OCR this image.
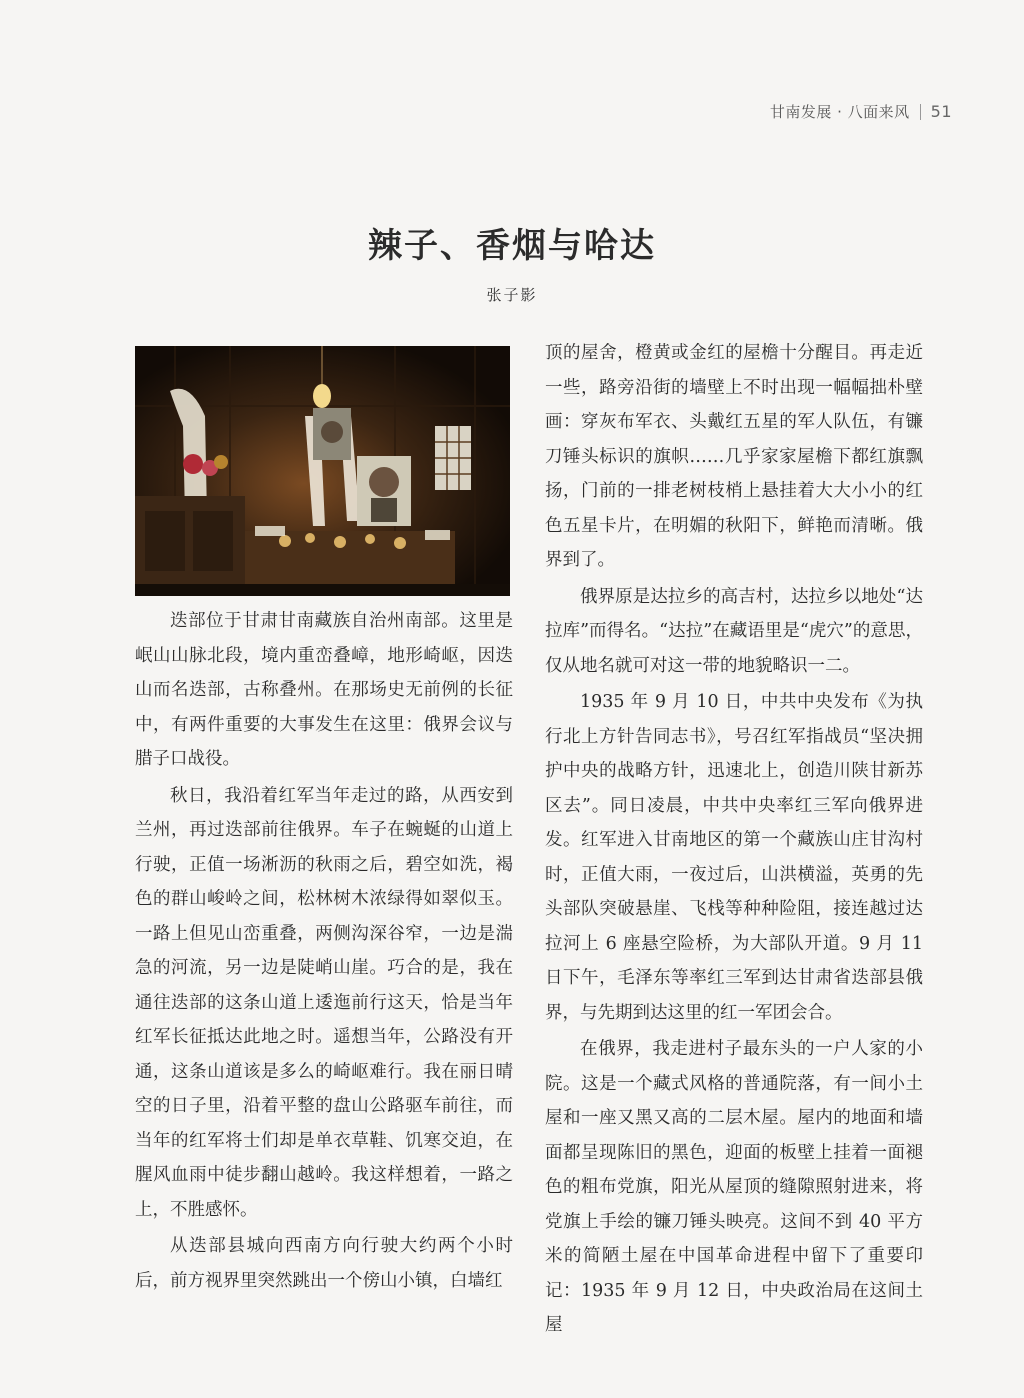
甘南发展 · 八面来风 51
辣子、香烟与哈达
张子影

迭部位于甘肃甘南藏族自治州南部。这里是岷山山脉北段，境内重峦叠嶂，地形崎岖，因迭山而名迭部，古称叠州。在那场史无前例的长征中，有两件重要的大事发生在这里：俄界会议与腊子口战役。

秋日，我沿着红军当年走过的路，从西安到兰州，再过迭部前往俄界。车子在蜿蜒的山道上行驶，正值一场淅沥的秋雨之后，碧空如洗，褐色的群山峻岭之间，松林树木浓绿得如翠似玉。一路上但见山峦重叠，两侧沟深谷窄，一边是湍急的河流，另一边是陡峭山崖。巧合的是，我在通往迭部的这条山道上逶迤前行这天，恰是当年红军长征抵达此地之时。遥想当年，公路没有开通，这条山道该是多么的崎岖难行。我在丽日晴空的日子里，沿着平整的盘山公路驱车前往，而当年的红军将士们却是单衣草鞋、饥寒交迫，在腥风血雨中徒步翻山越岭。我这样想着，一路之上，不胜感怀。

从迭部县城向西南方向行驶大约两个小时后，前方视界里突然跳出一个傍山小镇，白墙红

顶的屋舍，橙黄或金红的屋檐十分醒目。再走近一些，路旁沿街的墙壁上不时出现一幅幅拙朴壁画：穿灰布军衣、头戴红五星的军人队伍，有镰刀锤头标识的旗帜……几乎家家屋檐下都红旗飘扬，门前的一排老树枝梢上悬挂着大大小小的红色五星卡片，在明媚的秋阳下，鲜艳而清晰。俄界到了。

俄界原是达拉乡的高吉村，达拉乡以地处“达拉库”而得名。“达拉”在藏语里是“虎穴”的意思，仅从地名就可对这一带的地貌略识一二。

1935 年 9 月 10 日，中共中央发布《为执行北上方针告同志书》，号召红军指战员“坚决拥护中央的战略方针，迅速北上，创造川陕甘新苏区去”。同日凌晨，中共中央率红三军向俄界进发。红军进入甘南地区的第一个藏族山庄甘沟村时，正值大雨，一夜过后，山洪横溢，英勇的先头部队突破悬崖、飞栈等种种险阻，接连越过达拉河上 6 座悬空险桥，为大部队开道。9 月 11 日下午，毛泽东等率红三军到达甘肃省迭部县俄界，与先期到达这里的红一军团会合。

在俄界，我走进村子最东头的一户人家的小院。这是一个藏式风格的普通院落，有一间小土屋和一座又黑又高的二层木屋。屋内的地面和墙面都呈现陈旧的黑色，迎面的板壁上挂着一面褪色的粗布党旗，阳光从屋顶的缝隙照射进来，将党旗上手绘的镰刀锤头映亮。这间不到 40 平方米的简陋土屋在中国革命进程中留下了重要印记：1935 年 9 月 12 日，中央政治局在这间土屋
